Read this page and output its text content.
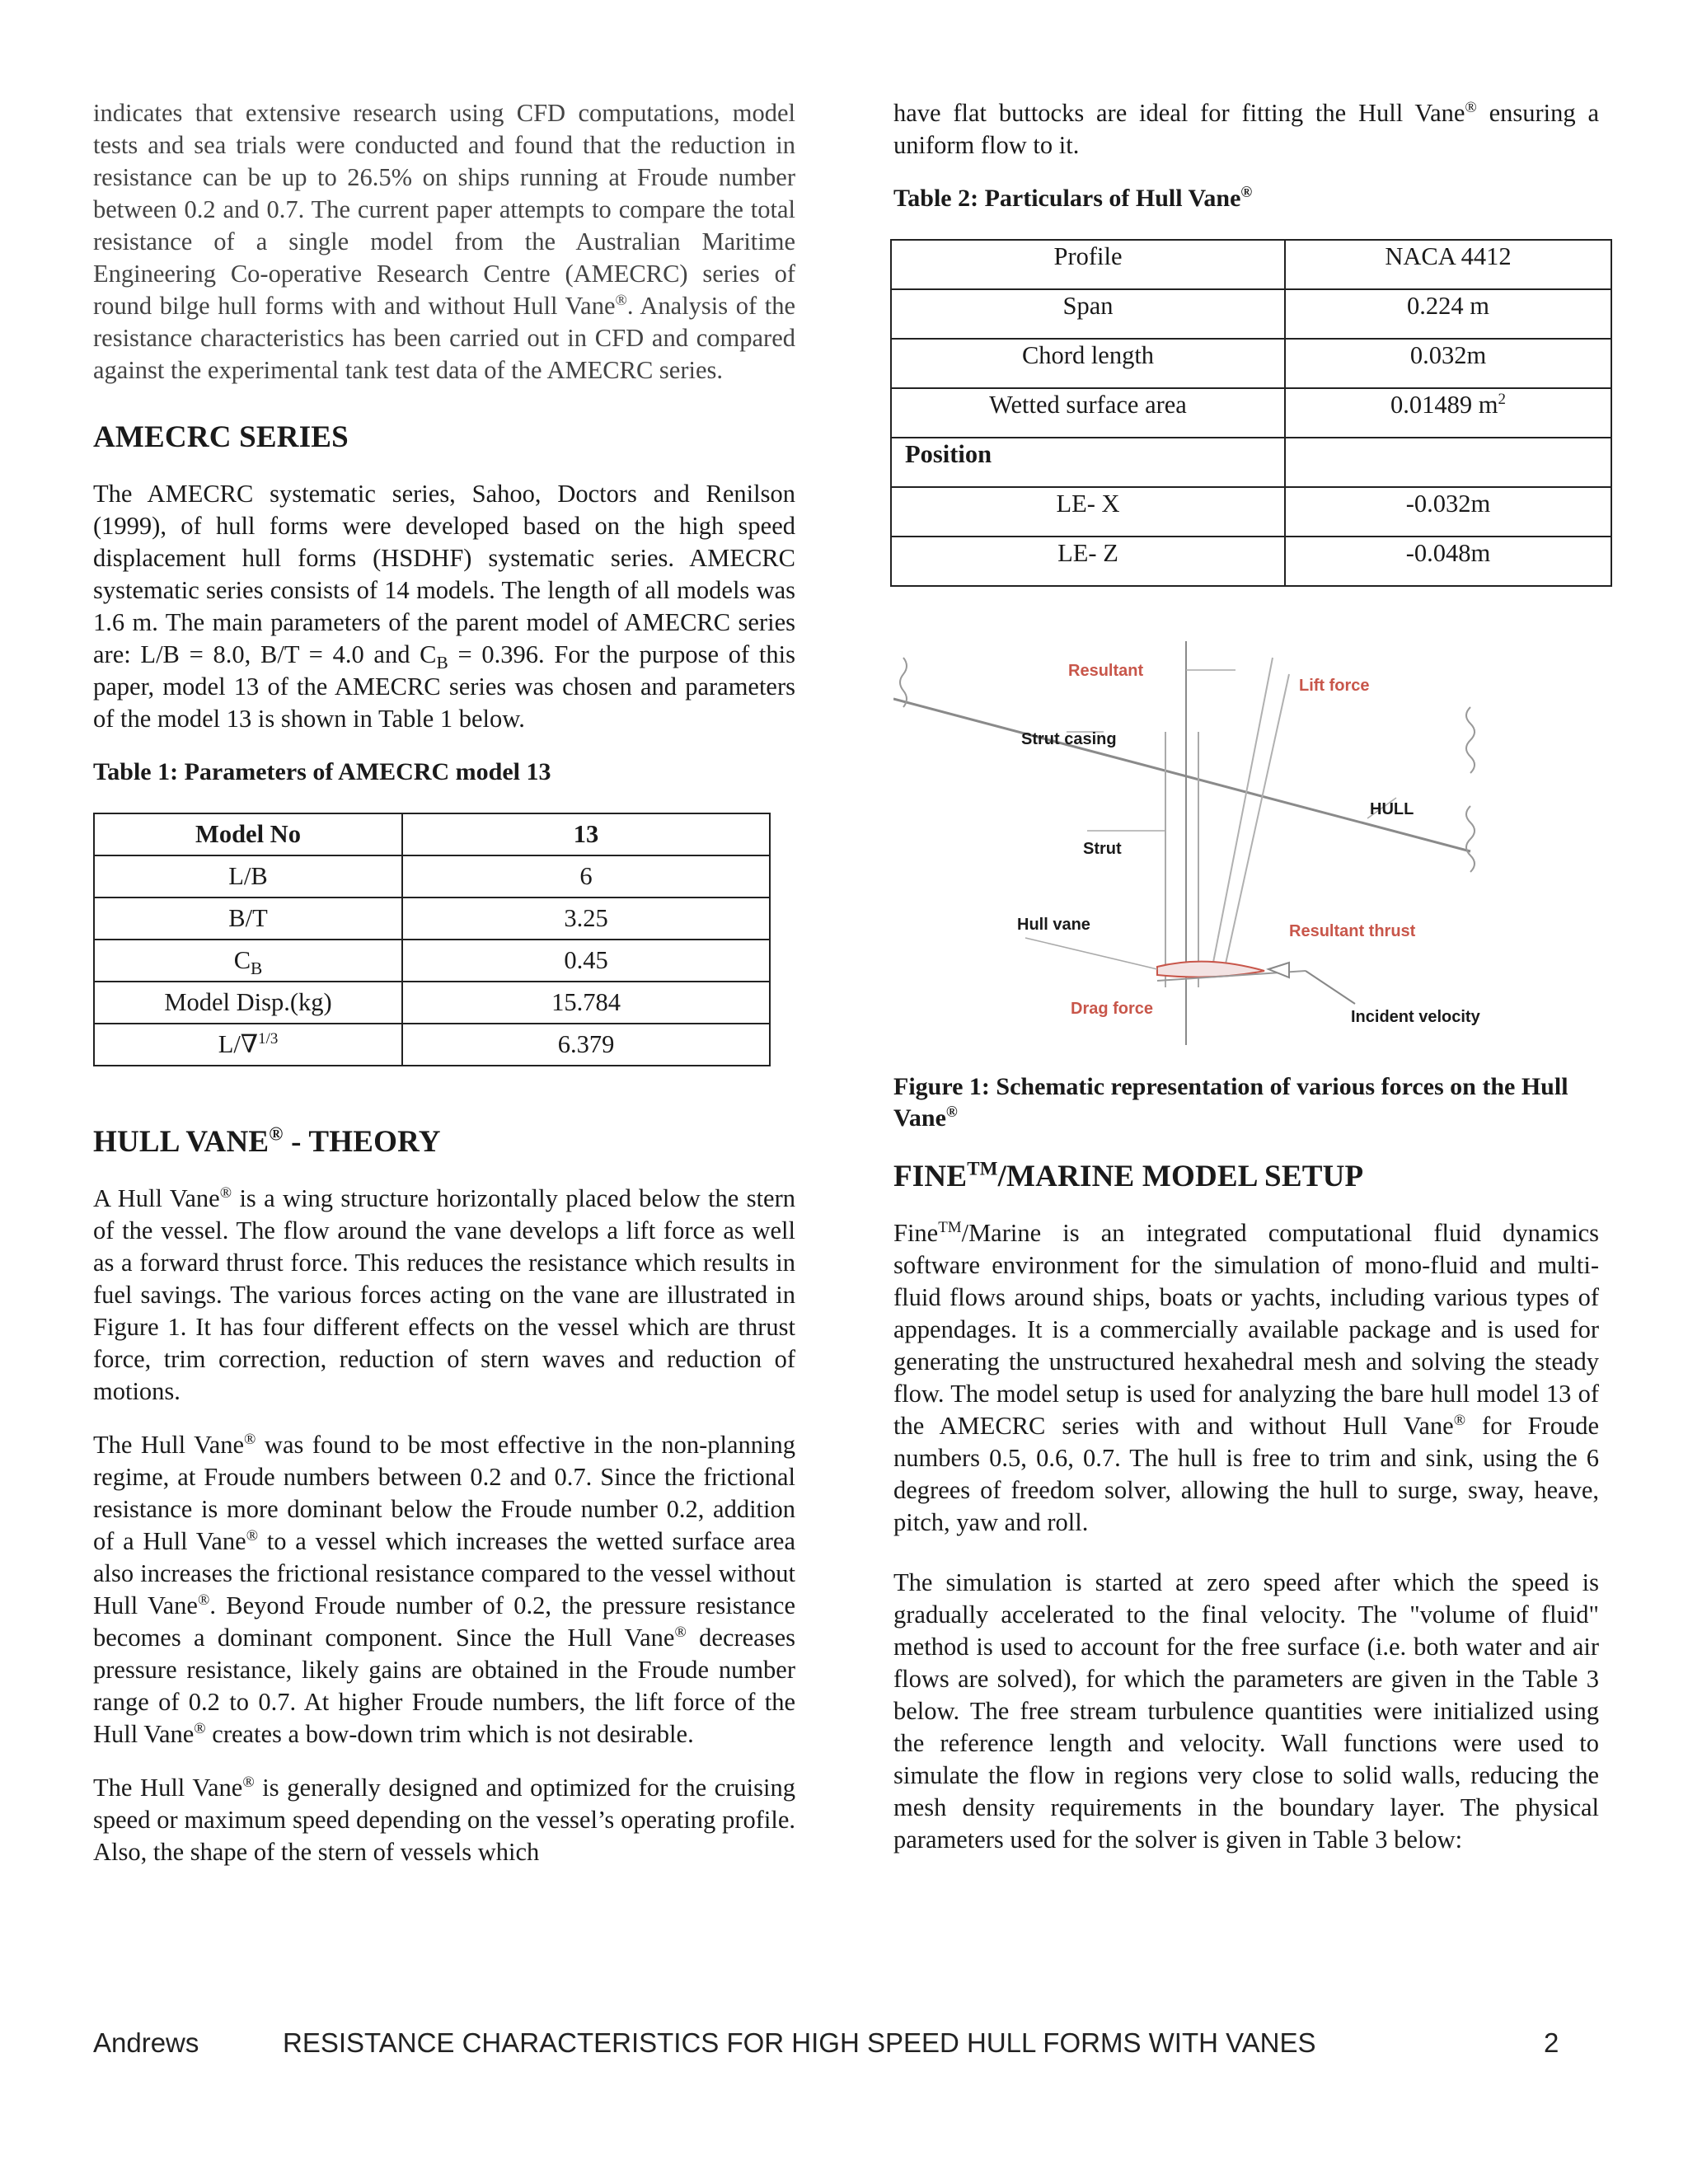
indicates that extensive research using CFD computations, model tests and sea trials were conducted and found that the reduction in resistance can be up to 26.5% on ships running at Froude number between 0.2 and 0.7. The current paper attempts to compare the total resistance of a single model from the Australian Maritime Engineering Co-operative Research Centre (AMECRC) series of round bilge hull forms with and without Hull Vane®. Analysis of the resistance characteristics has been carried out in CFD and compared against the experimental tank test data of the AMECRC series.

AMECRC SERIES

The AMECRC systematic series, Sahoo, Doctors and Renilson (1999), of hull forms were developed based on the high speed displacement hull forms (HSDHF) systematic series. AMECRC systematic series consists of 14 models. The length of all models was 1.6 m. The main parameters of the parent model of AMECRC series are: L/B = 8.0, B/T = 4.0 and $C_B = 0.396$. For the purpose of this paper, model 13 of the AMECRC series was chosen and parameters of the model 13 is shown in Table 1 below.

Table 1: Parameters of AMECRC model 13
Model No	13
L/B	6
B/T	3.25
$C_B$	0.45
Model Disp.(kg)	15.784
L/∇$^{1/3}$	6.379
HULL VANE® - THEORY

A Hull Vane® is a wing structure horizontally placed below the stern of the vessel. The flow around the vane develops a lift force as well as a forward thrust force. This reduces the resistance which results in fuel savings. The various forces acting on the vane are illustrated in Figure 1. It has four different effects on the vessel which are thrust force, trim correction, reduction of stern waves and reduction of motions.

The Hull Vane® was found to be most effective in the non-planning regime, at Froude numbers between 0.2 and 0.7. Since the frictional resistance is more dominant below the Froude number 0.2, addition of a Hull Vane® to a vessel which increases the wetted surface area also increases the frictional resistance compared to the vessel without Hull Vane®. Beyond Froude number of 0.2, the pressure resistance becomes a dominant component. Since the Hull Vane® decreases pressure resistance, likely gains are obtained in the Froude number range of 0.2 to 0.7. At higher Froude numbers, the lift force of the Hull Vane® creates a bow-down trim which is not desirable.

The Hull Vane® is generally designed and optimized for the cruising speed or maximum speed depending on the vessel’s operating profile. Also, the shape of the stern of vessels which

have flat buttocks are ideal for fitting the Hull Vane® ensuring a uniform flow to it.

Table 2: Particulars of Hull Vane®
Profile	NACA 4412
Span	0.224 m
Chord length	0.032m
Wetted surface area	0.01489 $m^2$
Position	
LE- X	-0.032m
LE- Z	-0.048m
Resultant
Lift force
Strut casing
HULL
Strut
Hull vane	Resultant thrust
Drag force	Incident velocity
Figure 1: Schematic representation of various forces on the Hull Vane®
FINE™/MARINE MODEL SETUP

Fine™/Marine is an integrated computational fluid dynamics software environment for the simulation of mono-fluid and multi-fluid flows around ships, boats or yachts, including various types of appendages. It is a commercially available package and is used for generating the unstructured hexahedral mesh and solving the steady flow. The model setup is used for analyzing the bare hull model 13 of the AMECRC series with and without Hull Vane® for Froude numbers 0.5, 0.6, 0.7. The hull is free to trim and sink, using the 6 degrees of freedom solver, allowing the hull to surge, sway, heave, pitch, yaw and roll.

The simulation is started at zero speed after which the speed is gradually accelerated to the final velocity. The "volume of fluid" method is used to account for the free surface (i.e. both water and air flows are solved), for which the parameters are given in the Table 3 below. The free stream turbulence quantities were initialized using the reference length and velocity. Wall functions were used to simulate the flow in regions very close to solid walls, reducing the mesh density requirements in the boundary layer. The physical parameters used for the solver is given in Table 3 below:

Andrews	RESISTANCE CHARACTERISTICS FOR HIGH SPEED HULL FORMS WITH VANES	2
